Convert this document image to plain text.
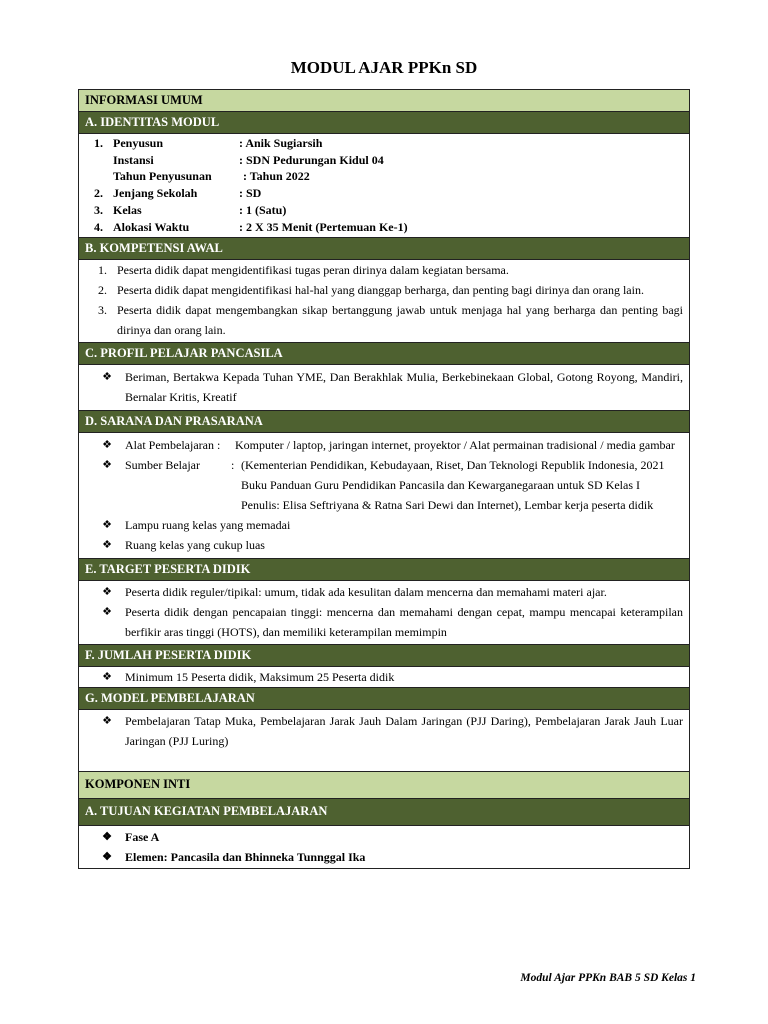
MODUL AJAR PPKn SD
INFORMASI UMUM
A. IDENTITAS MODUL
1. Penyusun	: Anik Sugiarsih
Instansi	: SDN Pedurungan Kidul 04
Tahun Penyusunan	: Tahun 2022
2. Jenjang Sekolah	: SD
3. Kelas	: 1 (Satu)
4. Alokasi Waktu	: 2 X 35 Menit (Pertemuan Ke-1)
B. KOMPETENSI AWAL
1. Peserta didik dapat mengidentifikasi tugas peran dirinya dalam kegiatan bersama.
2. Peserta didik dapat mengidentifikasi hal-hal yang dianggap berharga, dan penting bagi dirinya dan orang lain.
3. Peserta didik dapat mengembangkan sikap bertanggung jawab untuk menjaga hal yang berharga dan penting bagi dirinya dan orang lain.
C. PROFIL PELAJAR PANCASILA
❖ Beriman, Bertakwa Kepada Tuhan YME, Dan Berakhlak Mulia, Berkebinekaan Global, Gotong Royong, Mandiri, Bernalar Kritis, Kreatif
D. SARANA DAN PRASARANA
❖ Alat Pembelajaran :	Komputer / laptop, jaringan internet, proyektor / Alat permainan tradisional / media gambar
❖ Sumber Belajar	: (Kementerian Pendidikan, Kebudayaan, Riset, Dan Teknologi Republik Indonesia, 2021 Buku Panduan Guru Pendidikan Pancasila dan Kewarganegaraan untuk SD Kelas I Penulis: Elisa Seftriyana & Ratna Sari Dewi dan Internet), Lembar kerja peserta didik
❖ Lampu ruang kelas yang memadai
❖ Ruang kelas yang cukup luas
E. TARGET PESERTA DIDIK
❖ Peserta didik reguler/tipikal: umum, tidak ada kesulitan dalam mencerna dan memahami materi ajar.
❖ Peserta didik dengan pencapaian tinggi: mencerna dan memahami dengan cepat, mampu mencapai keterampilan berfikir aras tinggi (HOTS), dan memiliki keterampilan memimpin
F. JUMLAH PESERTA DIDIK
❖ Minimum 15 Peserta didik, Maksimum 25 Peserta didik
G. MODEL PEMBELAJARAN
❖ Pembelajaran Tatap Muka, Pembelajaran Jarak Jauh Dalam Jaringan (PJJ Daring), Pembelajaran Jarak Jauh Luar Jaringan (PJJ Luring)
KOMPONEN INTI
A. TUJUAN KEGIATAN PEMBELAJARAN
❖ Fase A
❖ Elemen: Pancasila dan Bhinneka Tunnggal Ika
Modul Ajar PPKn BAB 5 SD Kelas 1
